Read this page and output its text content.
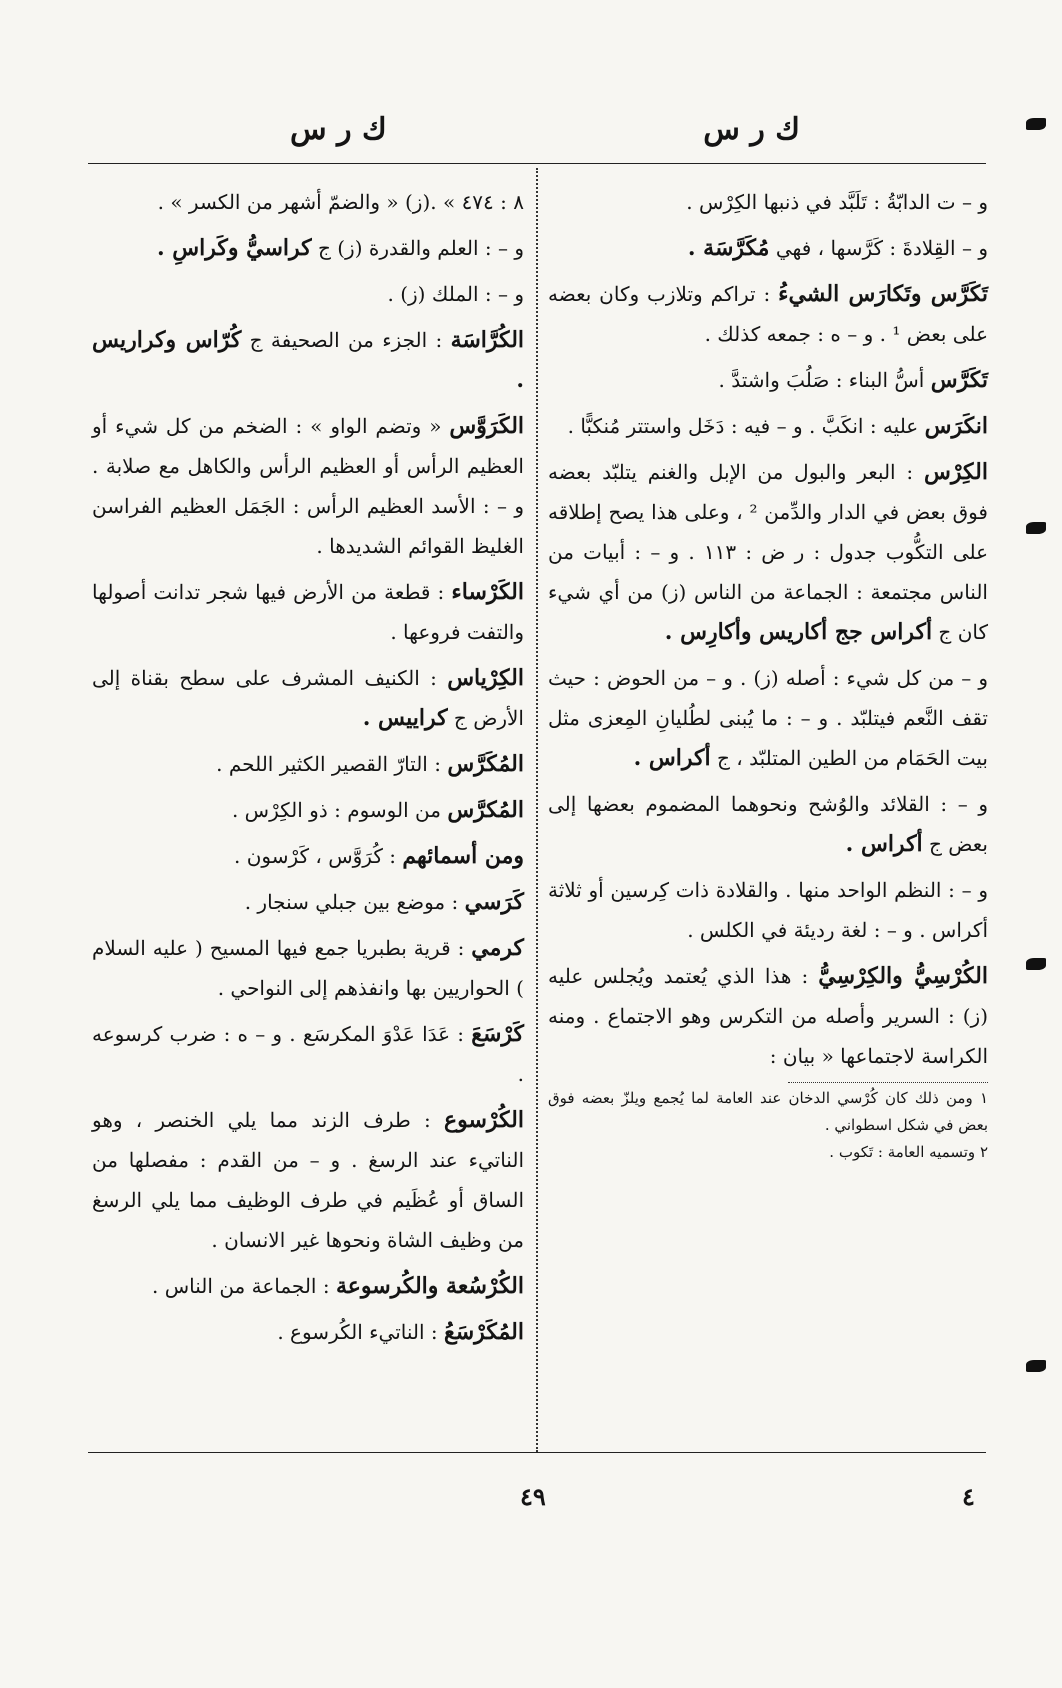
ك ر س
ك ر س

و – ت الدابّةُ : تَلَبَّد في ذنبها الكِرْس .

و – القِلادةَ : كَرَّسها ، فهي مُكَرَّسَة .

تَكَرَّس وتَكارَس الشيءُ : تراكم وتلازب وكان بعضه على بعض ¹ . و – ه : جمعه كذلك .

تَكَرَّس أسُّ البناء : صَلُبَ واشتدَّ .

انكَرَس عليه : انكَبَّ . و – فيه : دَخَل واستتر مُنكبًّا .

الكِرْس : البعر والبول من الإبل والغنم يتلبّد بعضه فوق بعض في الدار والدِّمن ² ، وعلى هذا يصح إطلاقه على التكُّوب جدول : ر ض : ١١٣ . و – : أبيات من الناس مجتمعة : الجماعة من الناس (ز) من أي شيء كان ج أكراس جج أكاريس وأكارِس .

و – من كل شيء : أصله (ز) . و – من الحوض : حيث تقف النَّعم فيتلبّد . و – : ما يُبنى لطُليانِ المِعزى مثل بيت الحَمَام من الطين المتلبّد ، ج أكراس .

و – : القلائد والوُشح ونحوهما المضموم بعضها إلى بعض ج أكراس .

و – : النظم الواحد منها . والقلادة ذات كِرسين أو ثلاثة أكراس . و – : لغة رديئة في الكلس .

الكُرْسِيُّ والكِرْسِيُّ : هذا الذي يُعتمد ويُجلس عليه (ز) : السرير وأصله من التكرس وهو الاجتماع . ومنه الكراسة لاجتماعها « بيان :

١ ومن ذلك كان كُرْسي الدخان عند العامة لما يُجمع ويلزّ بعضه فوق بعض في شكل اسطواني .

٢ وتسميه العامة : تَكوب .

٨ : ٤٧٤ » .(ز) « والضمّ أشهر من الكسر » .

و – : العلم والقدرة (ز) ج كراسيُّ وكَراسِ .

و – : الملك (ز) .

الكُرَّاسَة : الجزء من الصحيفة ج كُرّاس وكراريس .

الكَرَوَّس « وتضم الواو » : الضخم من كل شيء أو العظيم الرأس أو العظيم الرأس والكاهل مع صلابة . و – : الأسد العظيم الرأس : الجَمَل العظيم الفراسن الغليظ القوائم الشديدها .

الكَرْساء : قطعة من الأرض فيها شجر تدانت أصولها والتفت فروعها .

الكِرْياس : الكنيف المشرف على سطح بقناة إلى الأرض ج كراييس .

المُكَرَّس : التارّ القصير الكثير اللحم .

المُكرَّس من الوسوم : ذو الكِرْس .

ومن أسمائهم : كُرَوَّس ، كَرْسون .

كَرَسي : موضع بين جبلي سنجار .

كرمي : قرية بطبريا جمع فيها المسيح ( عليه السلام ) الحواريين بها وانفذهم إلى النواحي .

كَرْسَعَ : عَدَا عَدْوَ المكرسَع . و – ه : ضرب كرسوعه .

الكُرْسوع : طرف الزند مما يلي الخنصر ، وهو الناتيء عند الرسغ . و – من القدم : مفصلها من الساق أو عُظَيم في طرف الوظيف مما يلي الرسغ من وظيف الشاة ونحوها غير الانسان .

الكُرْسُعة والكُرسوعة : الجماعة من الناس .

المُكَرْسَعُ : الناتيء الكُرسوع .

٤٩	٤
